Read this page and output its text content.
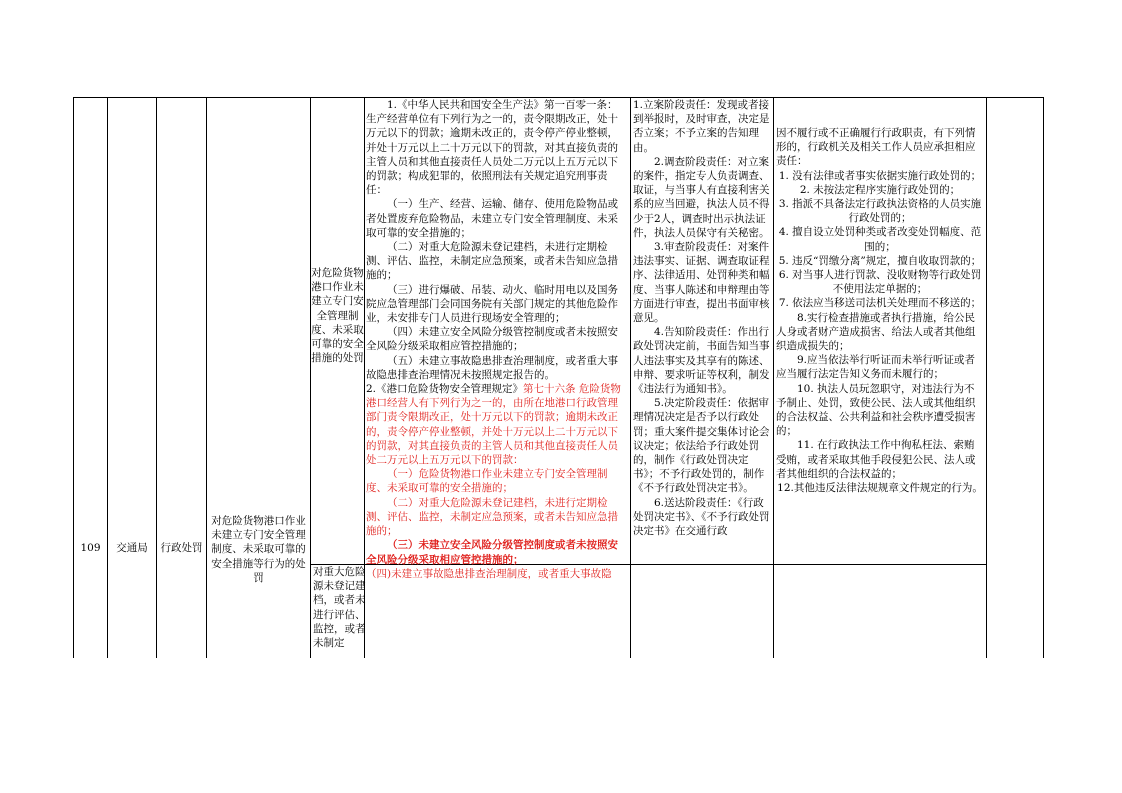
109	交通局	行政处罚
对危险货物港口作业未建立专门安全管理制度、未采取可靠的安全措施等行为的处罚
对危险货物港口作业未建立专门安全管理制度、未采取可靠的安全措施的处罚
对重大危险源未登记建档，或者未进行评估、监控，或者未制定

1.《中华人民共和国安全生产法》第一百零一条：生产经营单位有下列行为之一的，责令限期改正，处十万元以下的罚款；逾期未改正的，责令停产停业整顿，并处十万元以上二十万元以下的罚款，对其直接负责的主管人员和其他直接责任人员处二万元以上五万元以下的罚款；构成犯罪的，依照刑法有关规定追究刑事责任：

（一）生产、经营、运输、储存、使用危险物品或者处置废弃危险物品，未建立专门安全管理制度、未采取可靠的安全措施的；

（二）对重大危险源未登记建档，未进行定期检测、评估、监控，未制定应急预案，或者未告知应急措施的；

（三）进行爆破、吊装、动火、临时用电以及国务院应急管理部门会同国务院有关部门规定的其他危险作业，未安排专门人员进行现场安全管理的；

（四）未建立安全风险分级管控制度或者未按照安全风险分级采取相应管控措施的；

（五）未建立事故隐患排查治理制度，或者重大事故隐患排查治理情况未按照规定报告的。

2.《港口危险货物安全管理规定》第七十六条 危险货物港口经营人有下列行为之一的，由所在地港口行政管理部门责令限期改正，处十万元以下的罚款；逾期未改正的，责令停产停业整顿，并处十万元以上二十万元以下的罚款，对其直接负责的主管人员和其他直接责任人员处二万元以上五万元以下的罚款：

（一）危险货物港口作业未建立专门安全管理制度、未采取可靠的安全措施的；

（二）对重大危险源未登记建档，未进行定期检测、评估、监控，未制定应急预案，或者未告知应急措施的；

（三）未建立安全风险分级管控制度或者未按照安全风险分级采取相应管控措施的；

（四)未建立事故隐患排查治理制度，或者重大事故隐

1.立案阶段责任：发现或者接到举报时，及时审查，决定是否立案；不予立案的告知理由。

2.调查阶段责任：对立案的案件，指定专人负责调查、取证，与当事人有直接利害关系的应当回避，执法人员不得少于2人，调查时出示执法证件，执法人员保守有关秘密。

3.审查阶段责任：对案件违法事实、证据、调查取证程序、法律适用、处罚种类和幅度、当事人陈述和申辩理由等方面进行审查，提出书面审核意见。

4.告知阶段责任：作出行政处罚决定前，书面告知当事人违法事实及其享有的陈述、申辩、要求听证等权利，制发《违法行为通知书》。

5.决定阶段责任：依据审理情况决定是否予以行政处罚；重大案件提交集体讨论会议决定；依法给予行政处罚的，制作《行政处罚决定书》；不予行政处罚的，制作《不予行政处罚决定书》。

6.送达阶段责任：《行政处罚决定书》、《不予行政处罚决定书》在交通行政

因不履行或不正确履行行政职责，有下列情形的，行政机关及相关工作人员应承担相应责任：

1. 没有法律或者事实依据实施行政处罚的；

2. 未按法定程序实施行政处罚的；

3. 指派不具备法定行政执法资格的人员实施行政处罚的；

4. 擅自设立处罚种类或者改变处罚幅度、范围的；

5. 违反“罚缴分离”规定，擅自收取罚款的；

6. 对当事人进行罚款、没收财物等行政处罚不使用法定单据的；

7. 依法应当移送司法机关处理而不移送的；

8.实行检查措施或者执行措施，给公民人身或者财产造成损害、给法人或者其他组织造成损失的；

9.应当依法举行听证而未举行听证或者应当履行法定告知义务而未履行的；

10. 执法人员玩忽职守，对违法行为不予制止、处罚，致使公民、法人或其他组织的合法权益、公共利益和社会秩序遭受损害的；

11. 在行政执法工作中徇私枉法、索贿受贿，或者采取其他手段侵犯公民、法人或者其他组织的合法权益的；

12.其他违反法律法规规章文件规定的行为。
